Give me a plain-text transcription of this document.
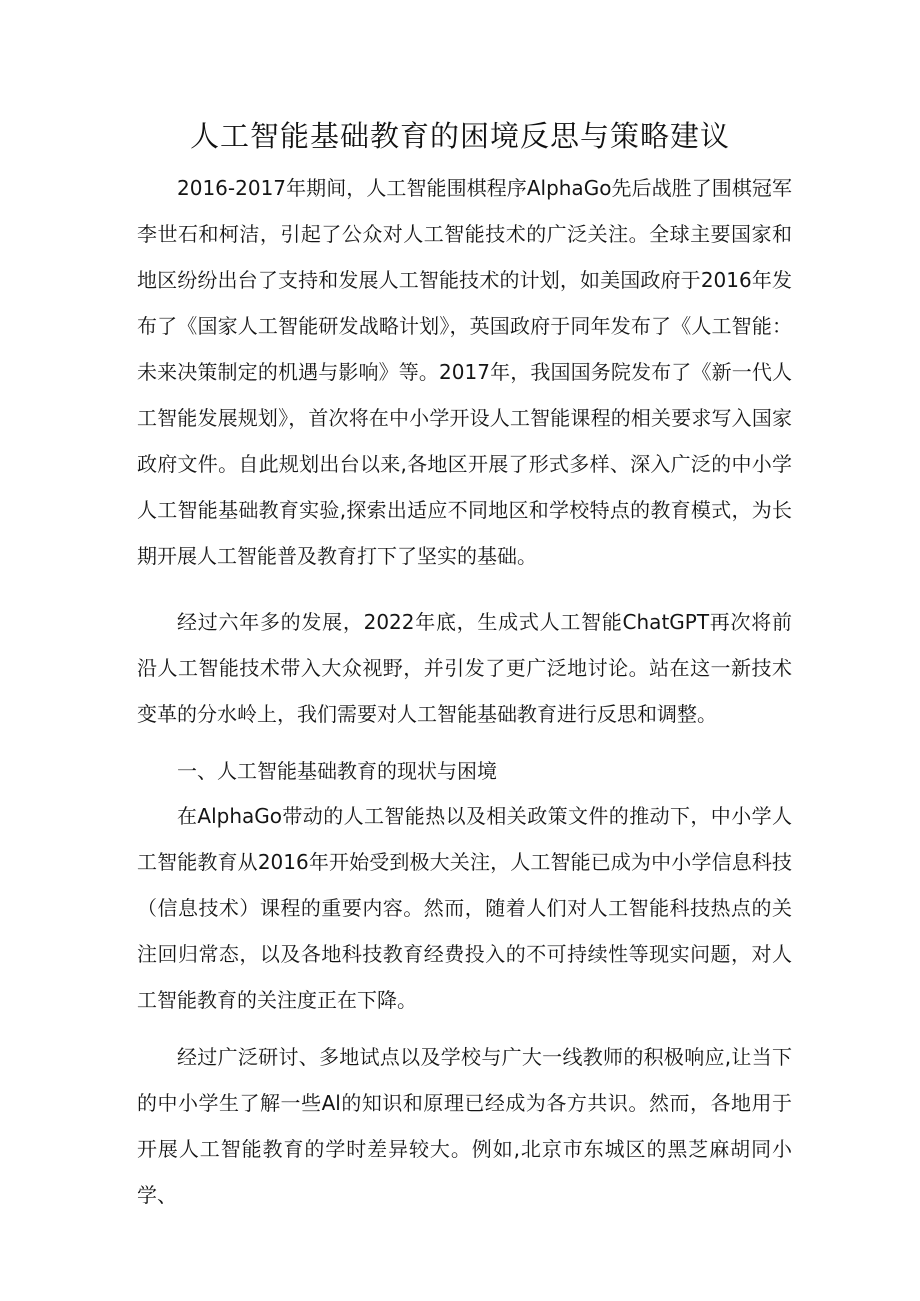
人工智能基础教育的困境反思与策略建议

2016-2017年期间，人工智能围棋程序AlphaGo先后战胜了围棋冠军李世石和柯洁，引起了公众对人工智能技术的广泛关注。全球主要国家和地区纷纷出台了支持和发展人工智能技术的计划，如美国政府于2016年发布了《国家人工智能研发战略计划》，英国政府于同年发布了《人工智能：未来决策制定的机遇与影响》等。2017年，我国国务院发布了《新一代人工智能发展规划》，首次将在中小学开设人工智能课程的相关要求写入国家政府文件。自此规划出台以来,各地区开展了形式多样、深入广泛的中小学人工智能基础教育实验,探索出适应不同地区和学校特点的教育模式，为长期开展人工智能普及教育打下了坚实的基础。

经过六年多的发展，2022年底，生成式人工智能ChatGPT再次将前沿人工智能技术带入大众视野，并引发了更广泛地讨论。站在这一新技术变革的分水岭上，我们需要对人工智能基础教育进行反思和调整。

一、人工智能基础教育的现状与困境

在AlphaGo带动的人工智能热以及相关政策文件的推动下，中小学人工智能教育从2016年开始受到极大关注，人工智能已成为中小学信息科技（信息技术）课程的重要内容。然而，随着人们对人工智能科技热点的关注回归常态，以及各地科技教育经费投入的不可持续性等现实问题，对人工智能教育的关注度正在下降。

经过广泛研讨、多地试点以及学校与广大一线教师的积极响应,让当下的中小学生了解一些Al的知识和原理已经成为各方共识。然而，各地用于开展人工智能教育的学时差异较大。例如,北京市东城区的黑芝麻胡同小学、
